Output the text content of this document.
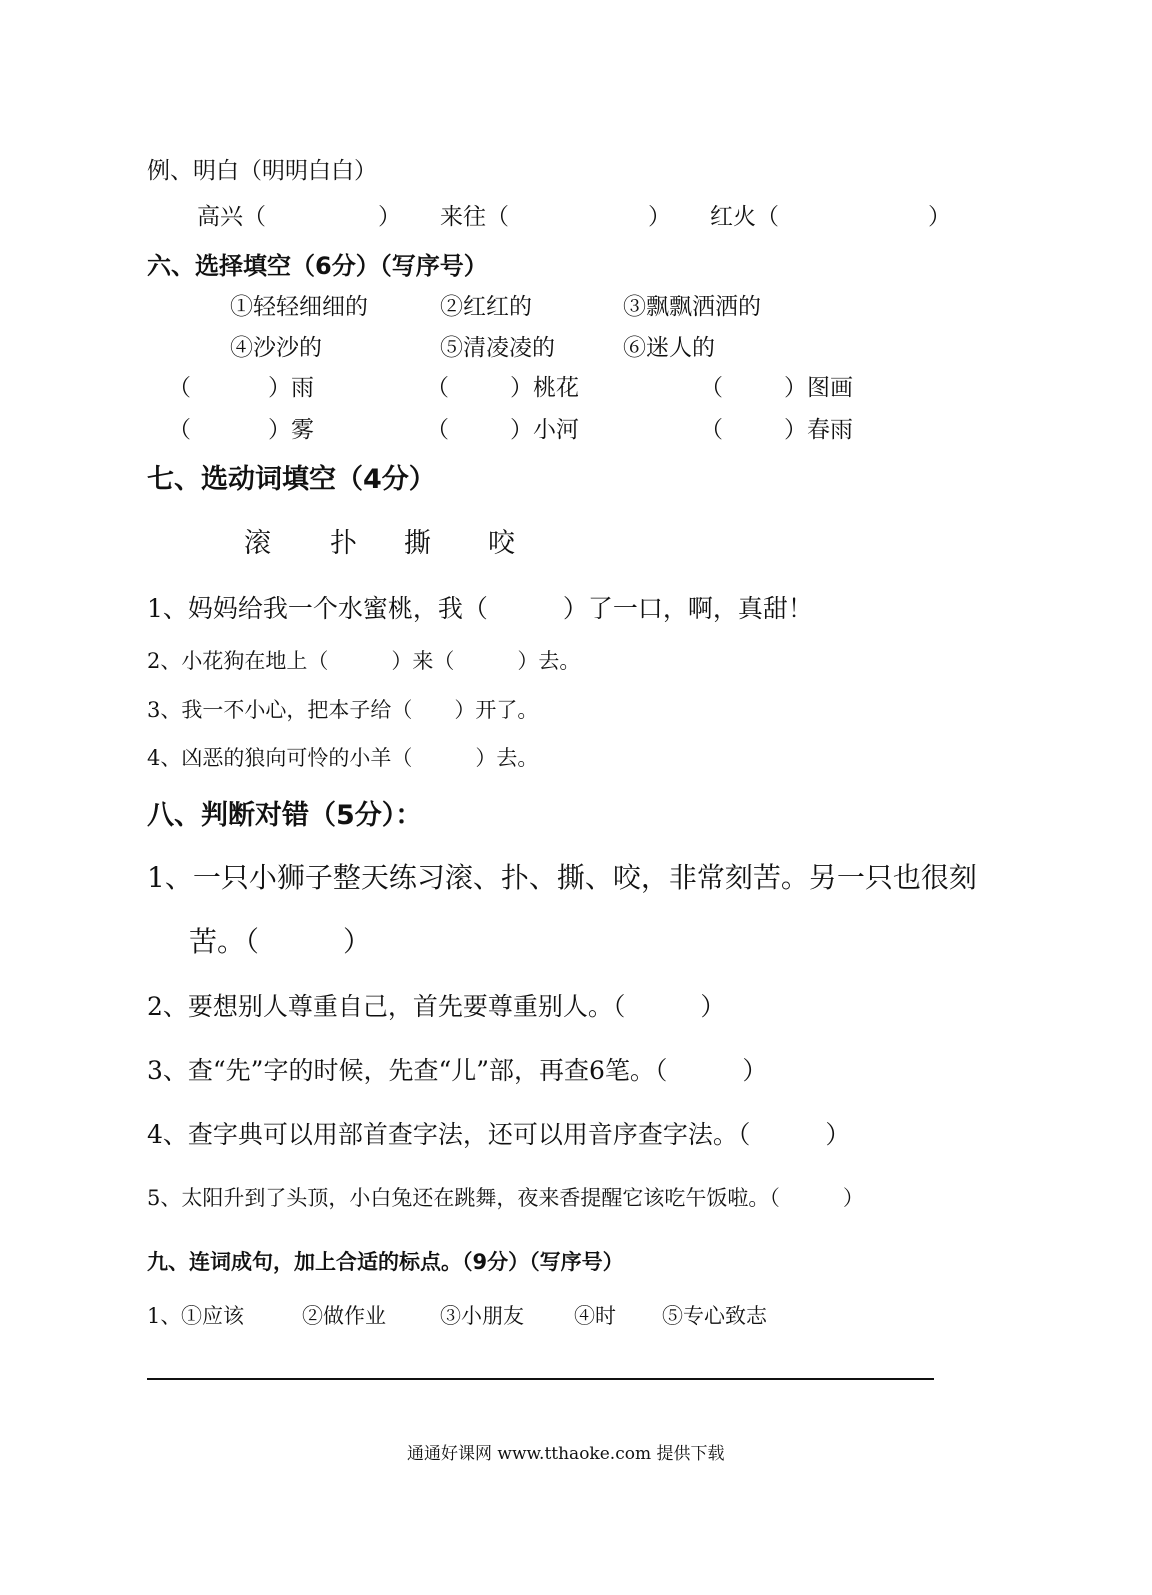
例、明白（明明白白）
高兴（	） 来往（	） 红火（	）
六、选择填空（6分）（写序号）
①轻轻细细的	②红红的	③飘飘洒洒的
④沙沙的	⑤清凌凌的	⑥迷人的
（	）雨	（	）桃花	（	）图画
（	）雾	（	）小河	（	）春雨
七、选动词填空（4分）
滚 扑 撕 咬
1、妈妈给我一个水蜜桃，我（　　　）了一口，啊，真甜！
2、小花狗在地上（　　　）来（　　　）去。
3、我一不小心，把本子给（　　）开了。
4、凶恶的狼向可怜的小羊（　　　）去。
八、判断对错（5分）：
1、一只小狮子整天练习滚、扑、撕、咬，非常刻苦。另一只也很刻
苦。（　　　）
2、要想别人尊重自己，首先要尊重别人。（　　　）
3、查“先”字的时候，先查“儿”部，再查6笔。（　　　）
4、查字典可以用部首查字法，还可以用音序查字法。（　　　）
5、太阳升到了头顶，小白兔还在跳舞，夜来香提醒它该吃午饭啦。（　　　）
九、连词成句，加上合适的标点。（9分）（写序号）
1、 ①应该	②做作业	③小朋友 ④时 ⑤专心致志
通通好课网 www.tthaoke.com 提供下载
